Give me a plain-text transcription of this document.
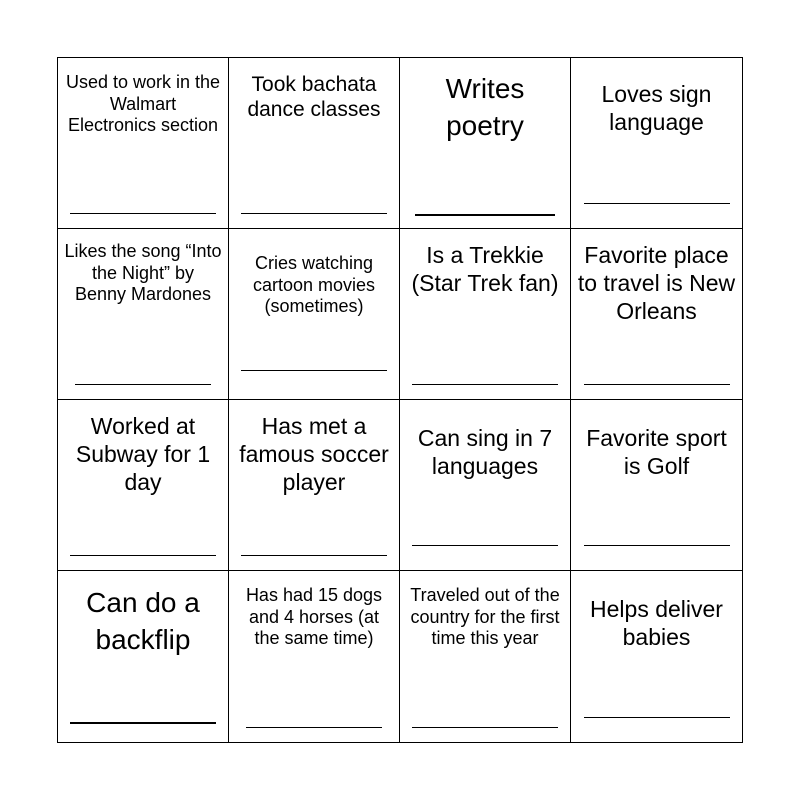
Used to work in the Walmart Electronics section
Took bachata dance classes
Writes poetry
Loves sign language
Likes the song “Into the Night” by Benny Mardones
Cries watching cartoon movies (sometimes)
Is a Trekkie (Star Trek fan)
Favorite place to travel is New Orleans
Worked at Subway for 1 day
Has met a famous soccer player
Can sing in 7 languages
Favorite sport is Golf
Can do a backflip
Has had 15 dogs and 4 horses (at the same time)
Traveled out of the country for the first time this year
Helps deliver babies
